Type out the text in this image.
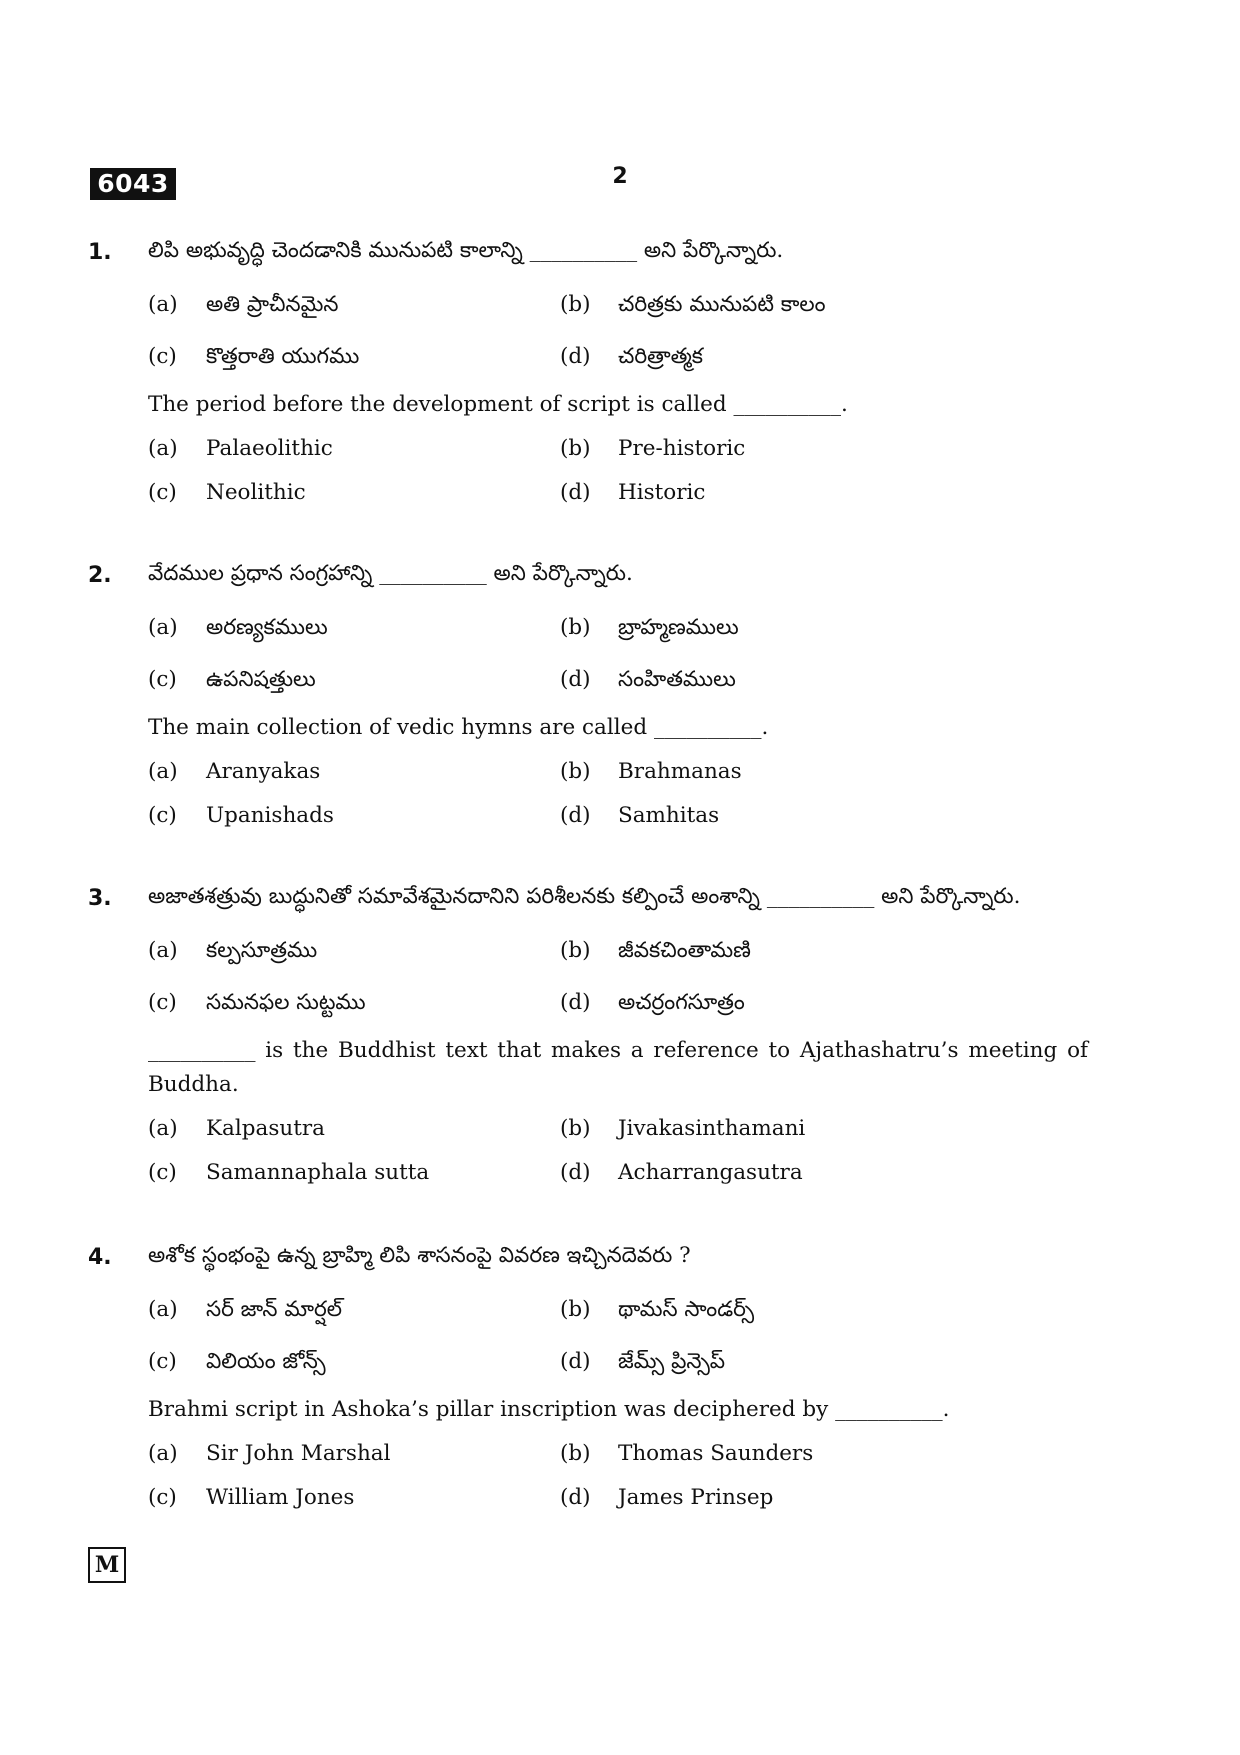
6043	2
1. లిపి అభువృద్ధి చెందడానికి మునుపటి కాలాన్ని __________ అని పేర్కొన్నారు.
(a) అతి ప్రాచీనమైన	(b) చరిత్రకు మునుపటి కాలం
(c) కొత్తరాతి యుగము	(d) చరిత్రాత్మక
The period before the development of script is called __________.
(a) Palaeolithic	(b) Pre-historic
(c) Neolithic	(d) Historic
2. వేదముల ప్రధాన సంగ్రహాన్ని __________ అని పేర్కొన్నారు.
(a) అరణ్యకములు	(b) బ్రాహ్మణములు
(c) ఉపనిషత్తులు	(d) సంహితములు
The main collection of vedic hymns are called __________.
(a) Aranyakas	(b) Brahmanas
(c) Upanishads	(d) Samhitas
3. అజాతశత్రువు బుద్ధునితో సమావేశమైనదానిని పరిశీలనకు కల్పించే అంశాన్ని __________ అని పేర్కొన్నారు.
(a) కల్పసూత్రము	(b) జీవకచింతామణి
(c) సమనఫల సుట్టము	(d) అచర్రంగసూత్రం
__________ is the Buddhist text that makes a reference to Ajathashatru’s meeting of Buddha.
(a) Kalpasutra	(b) Jivakasinthamani
(c) Samannaphala sutta	(d) Acharrangasutra
4. అశోక స్థంభంపై ఉన్న బ్రాహ్మి లిపి శాసనంపై వివరణ ఇచ్చినదెవరు ?
(a) సర్ జాన్ మార్షల్	(b) థామస్ సాండర్స్
(c) విలియం జోన్స్	(d) జేమ్స్ ప్రిన్సెప్
Brahmi script in Ashoka’s pillar inscription was deciphered by __________.
(a) Sir John Marshal	(b) Thomas Saunders
(c) William Jones	(d) James Prinsep
M
